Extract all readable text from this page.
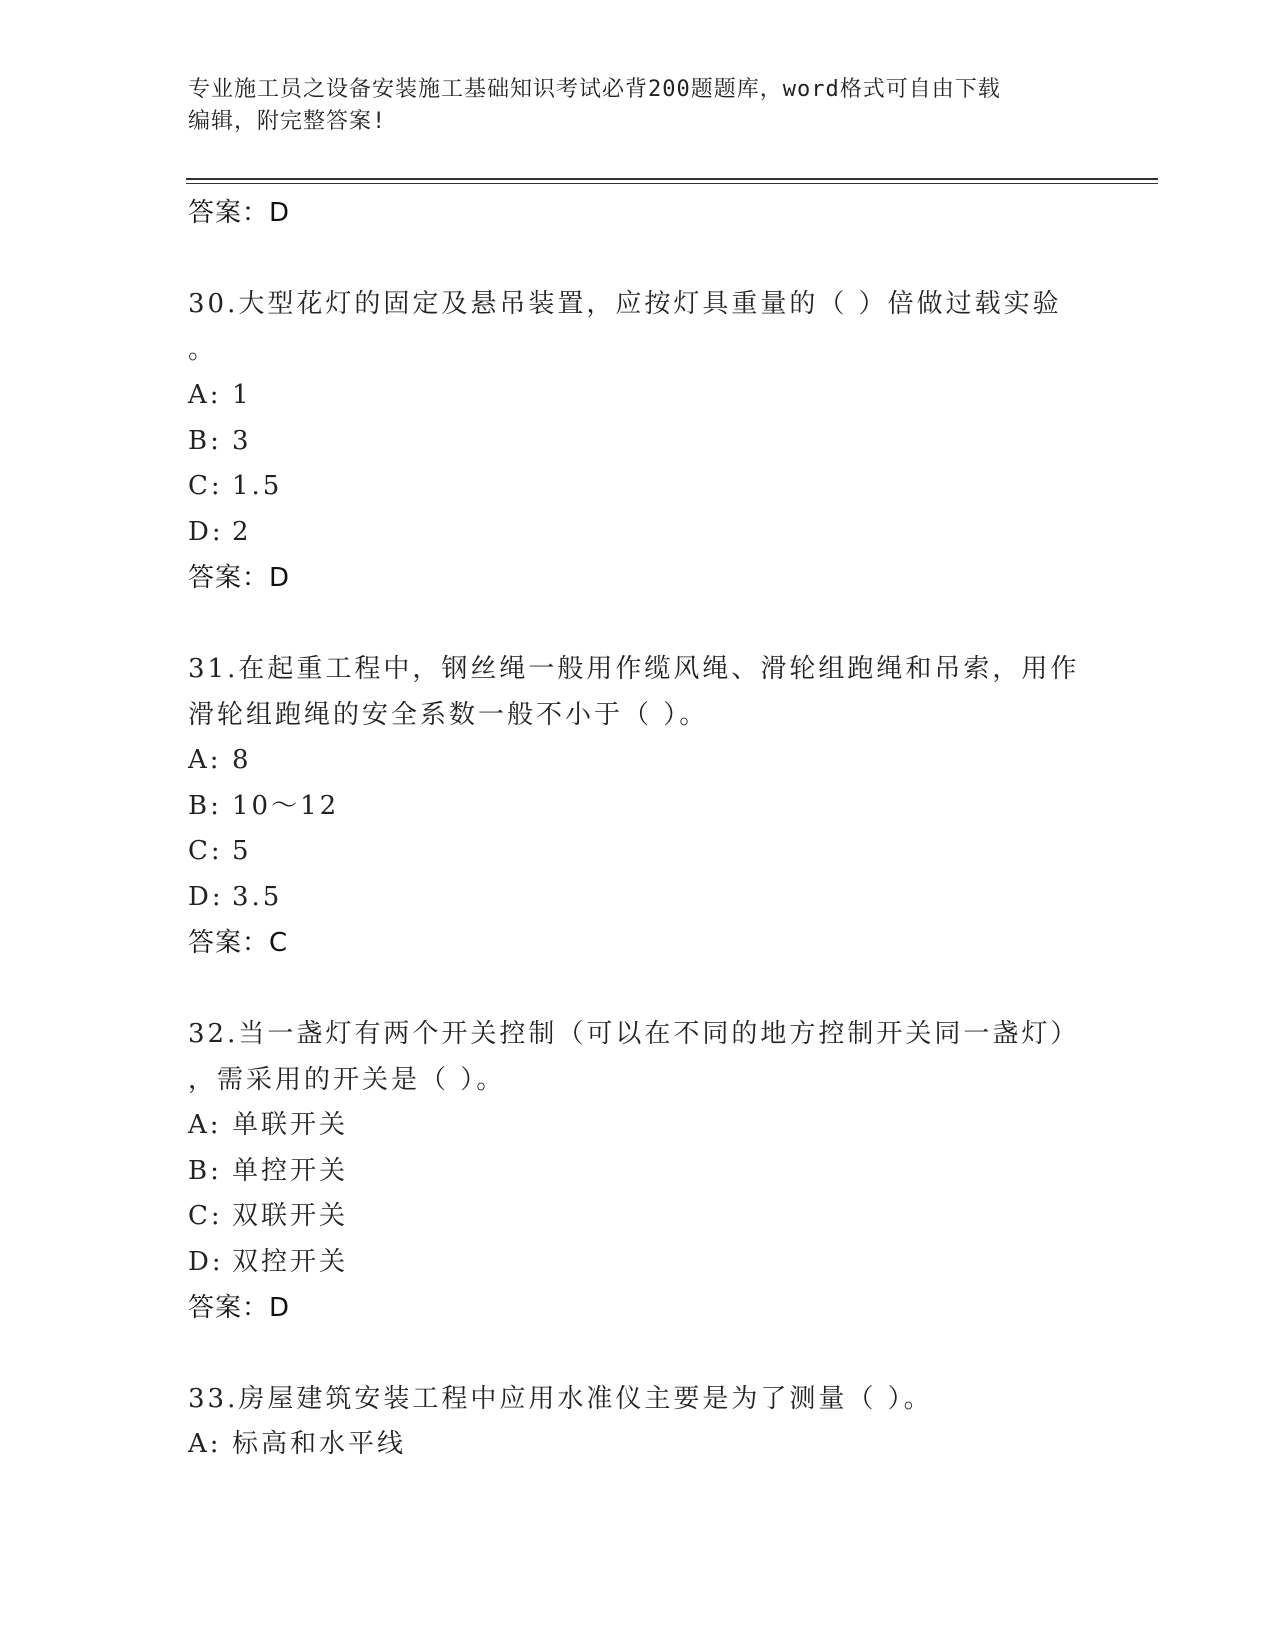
专业施工员之设备安装施工基础知识考试必背200题题库，word格式可自由下载
编辑，附完整答案!
答案：D
30.大型花灯的固定及悬吊装置，应按灯具重量的（ ）倍做过载实验
。
A: 1
B: 3
C: 1.5
D: 2
答案：D
31.在起重工程中，钢丝绳一般用作缆风绳、滑轮组跑绳和吊索，用作
滑轮组跑绳的安全系数一般不小于（ ）。
A: 8
B: 10～12
C: 5
D: 3.5
答案：C
32.当一盏灯有两个开关控制（可以在不同的地方控制开关同一盏灯）
，需采用的开关是（ ）。
A: 单联开关
B: 单控开关
C: 双联开关
D: 双控开关
答案：D
33.房屋建筑安装工程中应用水准仪主要是为了测量（ ）。
A: 标高和水平线
